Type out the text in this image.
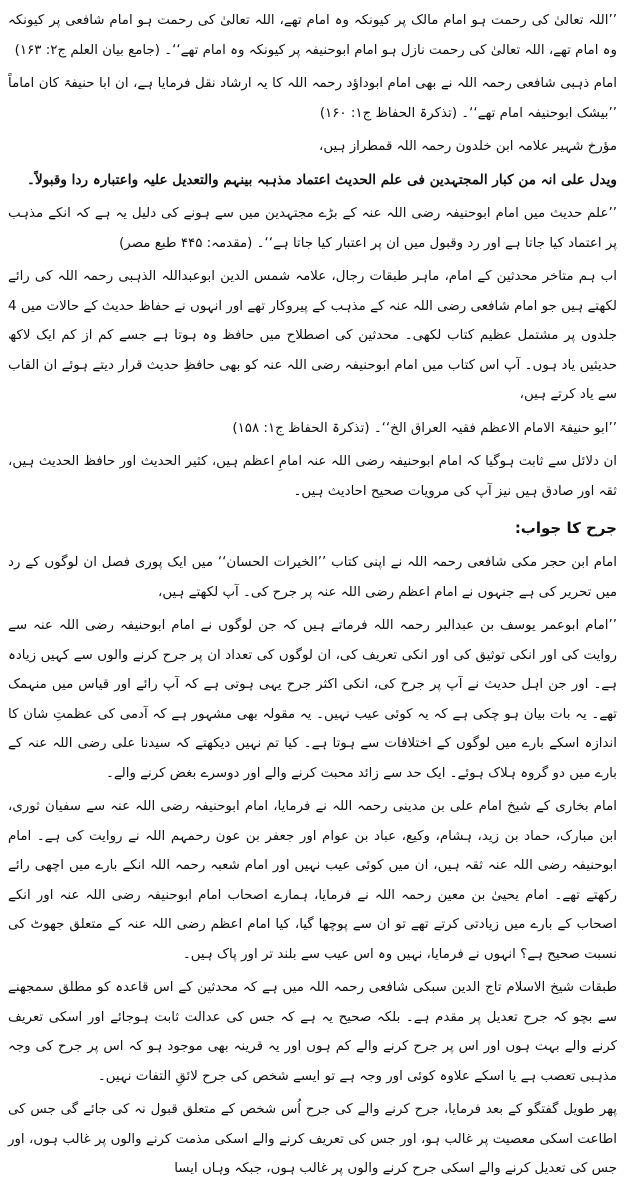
’’اللہ تعالیٰ کی رحمت ہو امام مالک پر کیونکہ وہ امام تھے، اللہ تعالیٰ کی رحمت ہو امام شافعی پر کیونکہ وہ امام تھے، اللہ تعالیٰ کی رحمت نازل ہو امام ابوحنیفہ پر کیونکہ وہ امام تھے‘‘۔ (جامع بیان العلم ج۲: ۱۶۳)

امام ذہبی شافعی رحمہ اللہ نے بھی امام ابوداؤد رحمہ اللہ کا یہ ارشاد نقل فرمایا ہے، ان ابا حنیفۃ کان اماماً ’’بیشک ابوحنیفہ امام تھے‘‘۔ (تذکرۃ الحفاظ ج۱: ۱۶۰)

مؤرخ شہیر علامہ ابن خلدون رحمہ اللہ قمطراز ہیں،

ویدل علی انہ من کبار المجتہدین فی علم الحدیث اعتماد مذہبہ بینہم والتعدیل علیہ واعتبارہ ردا وقبولاً۔

’’علم حدیث میں امام ابوحنیفہ رضی اللہ عنہ کے بڑے مجتہدین میں سے ہونے کی دلیل یہ ہے کہ انکے مذہب پر اعتماد کیا جاتا ہے اور رد وقبول میں ان پر اعتبار کیا جاتا ہے‘‘۔ (مقدمہ: ۴۴۵ طبع مصر)

اب ہم متاخر محدثین کے امام، ماہر طبقات رجال، علامہ شمس الدین ابوعبداللہ الذہبی رحمہ اللہ کی رائے لکھتے ہیں جو امام شافعی رضی اللہ عنہ کے مذہب کے پیروکار تھے اور انہوں نے حفاظ حدیث کے حالات میں 4 جلدوں پر مشتمل عظیم کتاب لکھی۔ محدثین کی اصطلاح میں حافظ وہ ہوتا ہے جسے کم از کم ایک لاکھ حدیثیں یاد ہوں۔ آپ اس کتاب میں امام ابوحنیفہ رضی اللہ عنہ کو بھی حافظِ حدیث قرار دیتے ہوئے ان القاب سے یاد کرتے ہیں،

’’ابو حنیفۃ الامام الاعظم فقیہ العراق الخ‘‘۔ (تذکرۃ الحفاظ ج۱: ۱۵۸)

ان دلائل سے ثابت ہوگیا کہ امام ابوحنیفہ رضی اللہ عنہ امامِ اعظم ہیں، کثیر الحدیث اور حافظ الحدیث ہیں، ثقہ اور صادق ہیں نیز آپ کی مرویات صحیح احادیث ہیں۔

جرح کا جواب:

امام ابن حجر مکی شافعی رحمہ اللہ نے اپنی کتاب ’’الخیرات الحسان‘‘ میں ایک پوری فصل ان لوگوں کے رد میں تحریر کی ہے جنہوں نے امام اعظم رضی اللہ عنہ پر جرح کی۔ آپ لکھتے ہیں،

’’امام ابوعمر یوسف بن عبدالبر رحمہ اللہ فرماتے ہیں کہ جن لوگوں نے امام ابوحنیفہ رضی اللہ عنہ سے روایت کی اور انکی توثیق کی اور انکی تعریف کی، ان لوگوں کی تعداد ان پر جرح کرنے والوں سے کہیں زیادہ ہے۔ اور جن اہل حدیث نے آپ پر جرح کی، انکی اکثر جرح یہی ہوتی ہے کہ آپ رائے اور قیاس میں منہمک تھے۔ یہ بات بیان ہو چکی ہے کہ یہ کوئی عیب نہیں۔ یہ مقولہ بھی مشہور ہے کہ آدمی کی عظمتِ شان کا اندازہ اسکے بارے میں لوگوں کے اختلافات سے ہوتا ہے۔ کیا تم نہیں دیکھتے کہ سیدنا علی رضی اللہ عنہ کے بارے میں دو گروہ ہلاک ہوئے۔ ایک حد سے زائد محبت کرنے والے اور دوسرے بغض کرنے والے۔

امام بخاری کے شیخ امام علی بن مدینی رحمہ اللہ نے فرمایا، امام ابوحنیفہ رضی اللہ عنہ سے سفیان ثوری، ابن مبارک، حماد بن زید، ہشام، وکیع، عباد بن عوام اور جعفر بن عون رحمہم اللہ نے روایت کی ہے۔ امام ابوحنیفہ رضی اللہ عنہ ثقہ ہیں، ان میں کوئی عیب نہیں اور امام شعبہ رحمہ اللہ انکے بارے میں اچھی رائے رکھتے تھے۔ امام یحییٰ بن معین رحمہ اللہ نے فرمایا، ہمارے اصحاب امام ابوحنیفہ رضی اللہ عنہ اور انکے اصحاب کے بارے میں زیادتی کرتے تھے تو ان سے پوچھا گیا، کیا امام اعظم رضی اللہ عنہ کے متعلق جھوٹ کی نسبت صحیح ہے؟ انہوں نے فرمایا، نہیں وہ اس عیب سے بلند تر اور پاک ہیں۔

طبقات شیخ الاسلام تاج الدین سبکی شافعی رحمہ اللہ میں ہے کہ محدثین کے اس قاعدہ کو مطلق سمجھنے سے بچو کہ جرح تعدیل پر مقدم ہے۔ بلکہ صحیح یہ ہے کہ جس کی عدالت ثابت ہوجائے اور اسکی تعریف کرنے والے بہت ہوں اور اس پر جرح کرنے والے کم ہوں اور یہ قرینہ بھی موجود ہو کہ اس پر جرح کی وجہ مذہبی تعصب ہے یا اسکے علاوہ کوئی اور وجہ ہے تو ایسے شخص کی جرح لائقِ التفات نہیں۔

پھر طویل گفتگو کے بعد فرمایا، جرح کرنے والے کی جرح اُس شخص کے متعلق قبول نہ کی جائے گی جس کی اطاعت اسکی معصیت پر غالب ہو، اور جس کی تعریف کرنے والے اسکی مذمت کرنے والوں پر غالب ہوں، اور جس کی تعدیل کرنے والے اسکی جرح کرنے والوں پر غالب ہوں، جبکہ وہاں ایسا
